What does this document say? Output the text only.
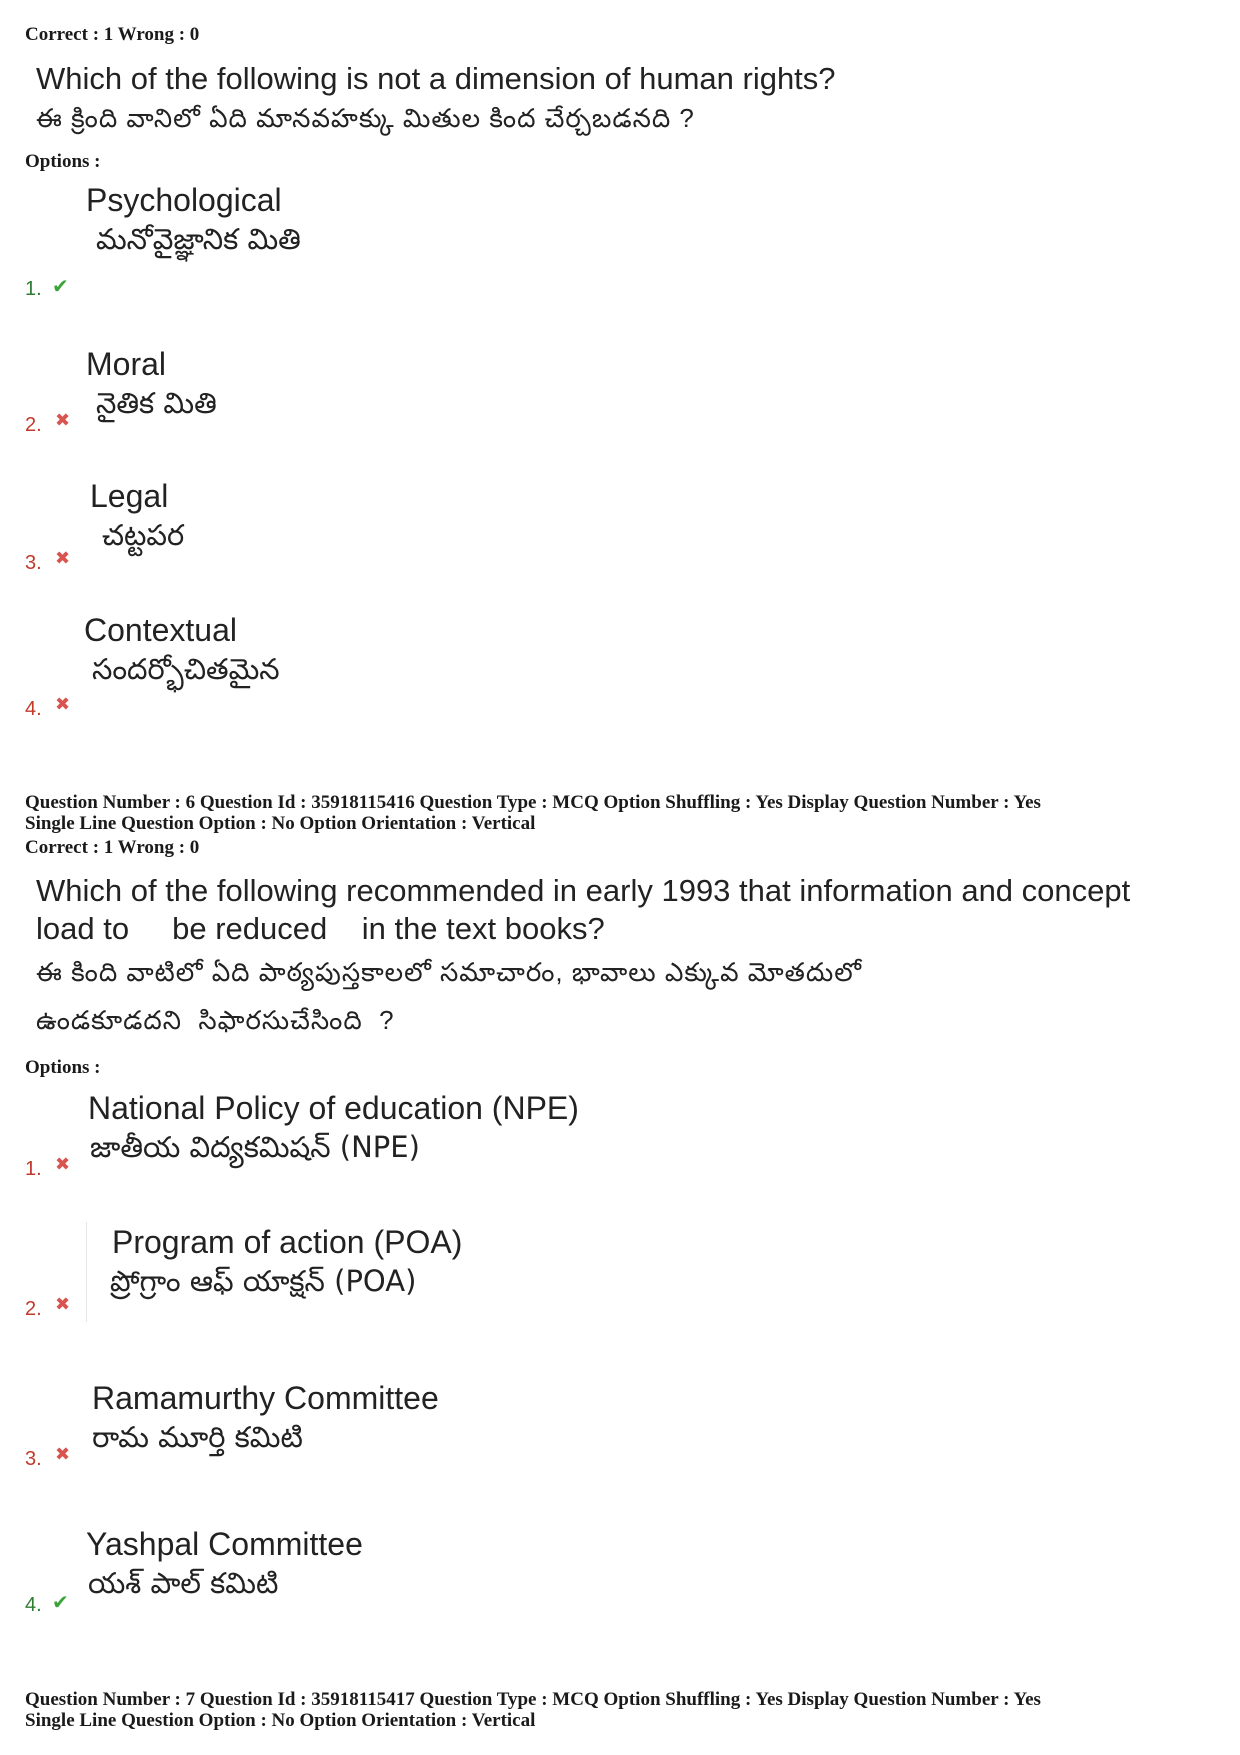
Correct : 1 Wrong : 0
Which of the following is not a dimension of human rights?
ఈ క్రింది వానిలో ఏది మానవహక్కు మితుల కింద చేర్చబడనది ?
Options :
Psychological
మనోవైజ్ఞానిక మితి
1. ✔
Moral
నైతిక మితి
2. ✖
Legal
చట్టపర
3. ✖
Contextual
సందర్భోచితమైన
4. ✖
Question Number : 6 Question Id : 35918115416 Question Type : MCQ Option Shuffling : Yes Display Question Number : Yes
Single Line Question Option : No Option Orientation : Vertical
Correct : 1 Wrong : 0
Which of the following recommended in early 1993 that information and concept
load to     be reduced    in the text books?
ఈ కింది వాటిలో ఏది పాఠ్యపుస్తకాలలో సమాచారం, భావాలు ఎక్కువ మోతదులో
ఉండకూడదని  సిఫారసుచేసింది  ?
Options :
National Policy of education (NPE)
జాతీయ విద్యకమిషన్ (NPE)
1. ✖
Program of action (POA)
ప్రోగ్రాం ఆఫ్ యాక్షన్ (POA)
2. ✖
Ramamurthy Committee
రామ మూర్తి కమిటి
3. ✖
Yashpal Committee
యశ్ పాల్ కమిటి
4. ✔
Question Number : 7 Question Id : 35918115417 Question Type : MCQ Option Shuffling : Yes Display Question Number : Yes
Single Line Question Option : No Option Orientation : Vertical
